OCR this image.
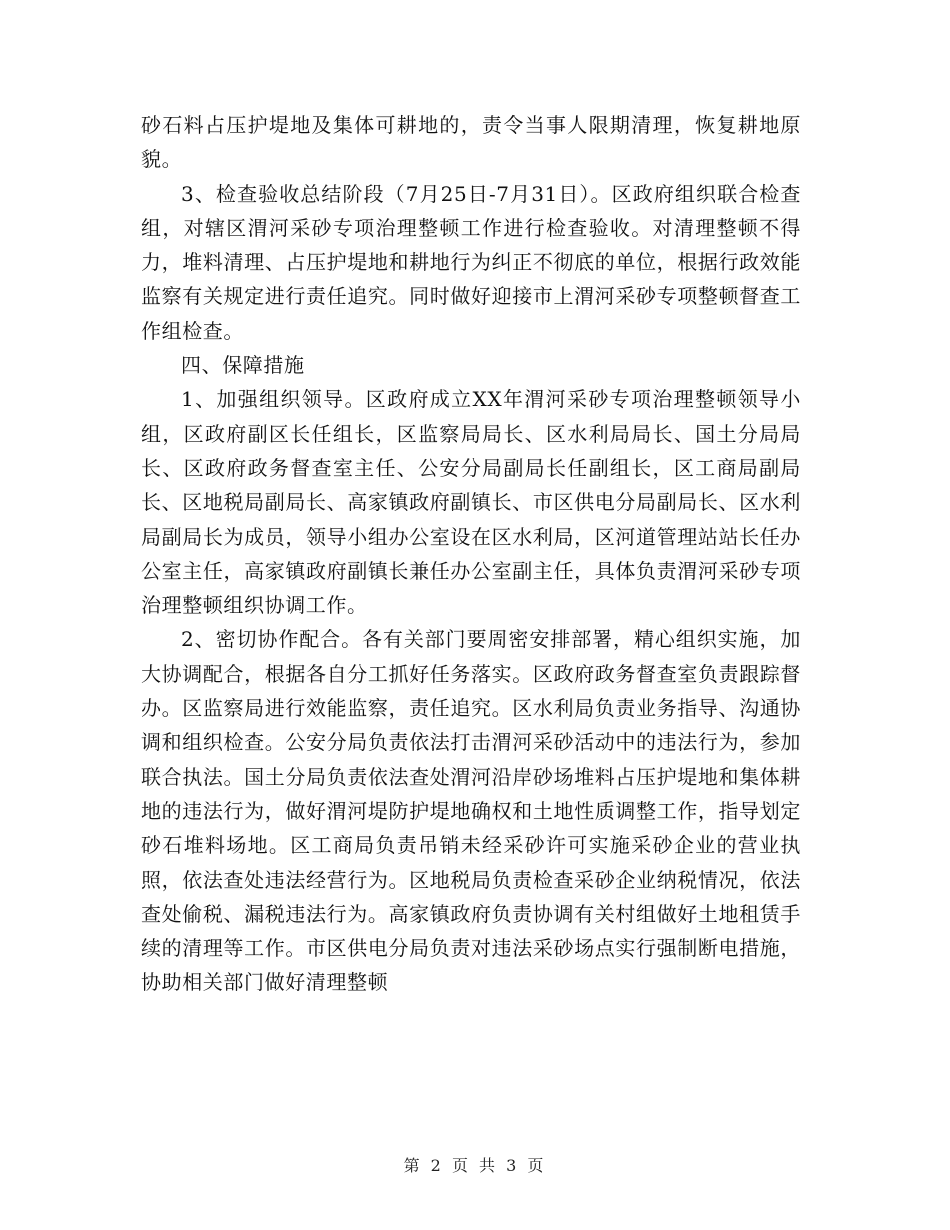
砂石料占压护堤地及集体可耕地的，责令当事人限期清理，恢复耕地原貌。

3、检查验收总结阶段（7月25日-7月31日）。区政府组织联合检查组，对辖区渭河采砂专项治理整顿工作进行检查验收。对清理整顿不得力，堆料清理、占压护堤地和耕地行为纠正不彻底的单位，根据行政效能监察有关规定进行责任追究。同时做好迎接市上渭河采砂专项整顿督查工作组检查。

四、保障措施

1、加强组织领导。区政府成立XX年渭河采砂专项治理整顿领导小组，区政府副区长任组长，区监察局局长、区水利局局长、国土分局局长、区政府政务督查室主任、公安分局副局长任副组长，区工商局副局长、区地税局副局长、高家镇政府副镇长、市区供电分局副局长、区水利局副局长为成员，领导小组办公室设在区水利局，区河道管理站站长任办公室主任，高家镇政府副镇长兼任办公室副主任，具体负责渭河采砂专项治理整顿组织协调工作。

2、密切协作配合。各有关部门要周密安排部署，精心组织实施，加大协调配合，根据各自分工抓好任务落实。区政府政务督查室负责跟踪督办。区监察局进行效能监察，责任追究。区水利局负责业务指导、沟通协调和组织检查。公安分局负责依法打击渭河采砂活动中的违法行为，参加联合执法。国土分局负责依法查处渭河沿岸砂场堆料占压护堤地和集体耕地的违法行为，做好渭河堤防护堤地确权和土地性质调整工作，指导划定砂石堆料场地。区工商局负责吊销未经采砂许可实施采砂企业的营业执照，依法查处违法经营行为。区地税局负责检查采砂企业纳税情况，依法查处偷税、漏税违法行为。高家镇政府负责协调有关村组做好土地租赁手续的清理等工作。市区供电分局负责对违法采砂场点实行强制断电措施，协助相关部门做好清理整顿

第 2 页 共 3 页
